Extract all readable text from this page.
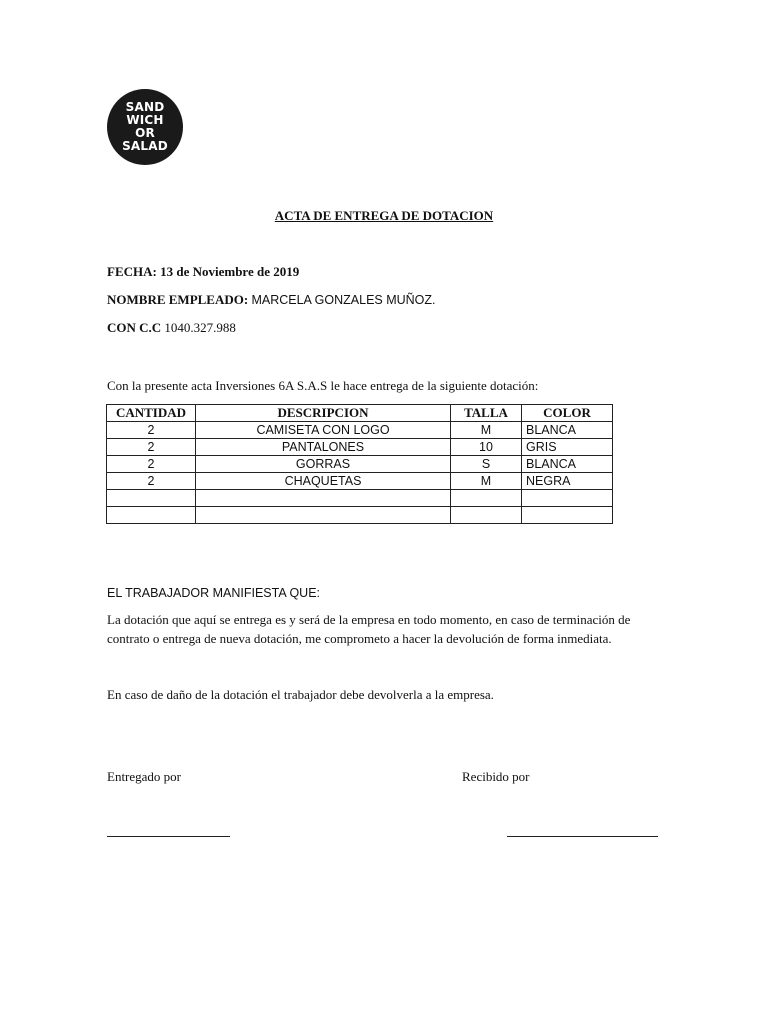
SAND
WICH
OR
SALAD
ACTA DE ENTREGA DE DOTACION
FECHA: 13 de Noviembre de 2019
NOMBRE EMPLEADO: MARCELA GONZALES MUÑOZ.
CON C.C 1040.327.988
Con la presente acta Inversiones 6A S.A.S le hace entrega de la siguiente dotación:
CANTIDAD	DESCRIPCION	TALLA	COLOR
2	CAMISETA CON LOGO	M	BLANCA
2	PANTALONES	10	GRIS
2	GORRAS	S	BLANCA
2	CHAQUETAS	M	NEGRA

EL TRABAJADOR MANIFIESTA QUE:
La dotación que aquí se entrega es y será de la empresa en todo momento, en caso de terminación de contrato o entrega de nueva dotación, me comprometo a hacer la devolución de forma inmediata.
En caso de daño de la dotación el trabajador debe devolverla a la empresa.
Entregado por	Recibido por
